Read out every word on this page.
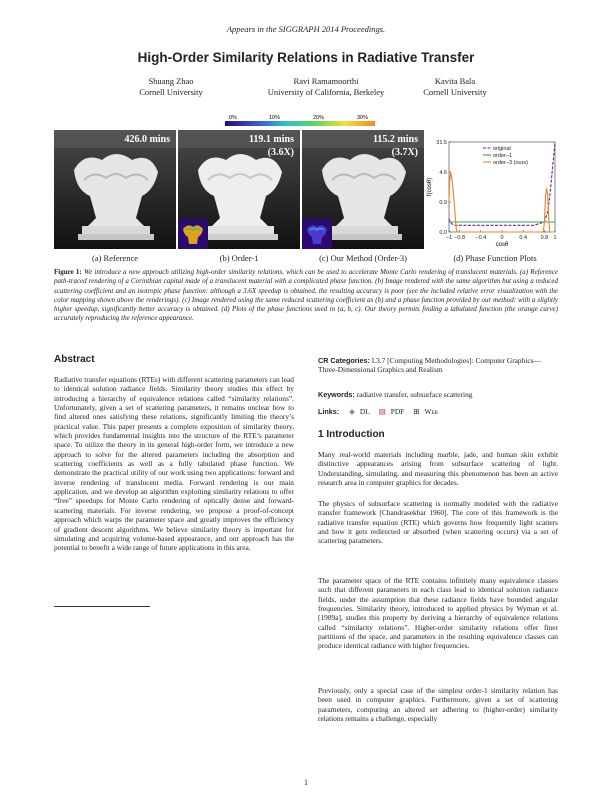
Appears in the SIGGRAPH 2014 Proceedings.
High-Order Similarity Relations in Radiative Transfer
Shuang Zhao
Cornell University
Ravi Ramamoorthi
University of California, Berkeley
Kavita Bala
Cornell University
0%	10%	20%	30%
426.0 mins	119.1 mins
(3.6X)
115.2 mins
(3.7X)
f(cosθ)
cosθ
0.0
0.9
4.6
31.5
−1 −0.8 −0.4	0	0.4 0.8 1
original
order−1
order−3 (ours)
(a) Reference	(b) Order-1	(c) Our Method (Order-3)	(d) Phase Function Plots
Figure 1: We introduce a new approach utilizing high-order similarity relations, which can be used to accelerate Monte Carlo rendering of translucent materials. (a) Reference path-traced rendering of a Corinthian capital made of a translucent material with a complicated phase function. (b) Image rendered with the same algorithm but using a reduced scattering coefficient and an isotropic phase function: although a 3.6X speedup is obtained, the resulting accuracy is poor (see the included relative error visualization with the color mapping shown above the renderings). (c) Image rendered using the same reduced scattering coefficient as (b) and a phase function provided by our method: with a slightly higher speedup, significantly better accuracy is obtained. (d) Plots of the phase functions used in (a, b, c). Our theory permits finding a tabulated function (the orange curve) accurately reproducing the reference appearance.
Abstract
Radiative transfer equations (RTEs) with different scattering parameters can lead to identical solution radiance fields. Similarity theory studies this effect by introducing a hierarchy of equivalence relations called “similarity relations”. Unfortunately, given a set of scattering parameters, it remains unclear how to find altered ones satisfying these relations, significantly limiting the theory’s practical value. This paper presents a complete exposition of similarity theory, which provides fundamental insights into the structure of the RTE’s parameter space. To utilize the theory in its general high-order form, we introduce a new approach to solve for the altered parameters including the absorption and scattering coefficients as well as a fully tabulated phase function. We demonstrate the practical utility of our work using two applications: forward and inverse rendering of translucent media. Forward rendering is our main application, and we develop an algorithm exploiting similarity relations to offer “free” speedups for Monte Carlo rendering of optically dense and forward-scattering materials. For inverse rendering, we propose a proof-of-concept approach which warps the parameter space and greatly improves the efficiency of gradient descent algorithms. We believe similarity theory is important for simulating and acquiring volume-based appearance, and our approach has the potential to benefit a wide range of future applications in this area.
CR Categories: I.3.7 [Computing Methodologies]: Computer Graphics—Three-Dimensional Graphics and Realism
Keywords: radiative transfer, subsurface scattering
Links: ◈ DL ▤ PDF ⊞ Web
1 Introduction
Many real-world materials including marble, jade, and human skin exhibit distinctive appearances arising from subsurface scattering of light. Understanding, simulating, and measuring this phenomenon has been an active research area in computer graphics for decades.
The physics of subsurface scattering is normally modeled with the radiative transfer framework [Chandrasekhar 1960]. The core of this framework is the radiative transfer equation (RTE) which governs how frequently light scatters and how it gets redirected or absorbed (when scattering occurs) via a set of scattering parameters.
The parameter space of the RTE contains infinitely many equivalence classes such that different parameters in each class lead to identical solution radiance fields, under the assumption that these radiance fields have bounded angular frequencies. Similarity theory, introduced to applied physics by Wyman et al. [1989a], studies this property by deriving a hierarchy of equivalence relations called “similarity relations”. Higher-order similarity relations offer finer partitions of the space, and parameters in the resulting equivalence classes can produce identical radiance with higher frequencies.
Previously, only a special case of the simplest order-1 similarity relation has been used in computer graphics. Furthermore, given a set of scattering parameters, computing an altered set adhering to (higher-order) similarity relations remains a challenge, especially
1
